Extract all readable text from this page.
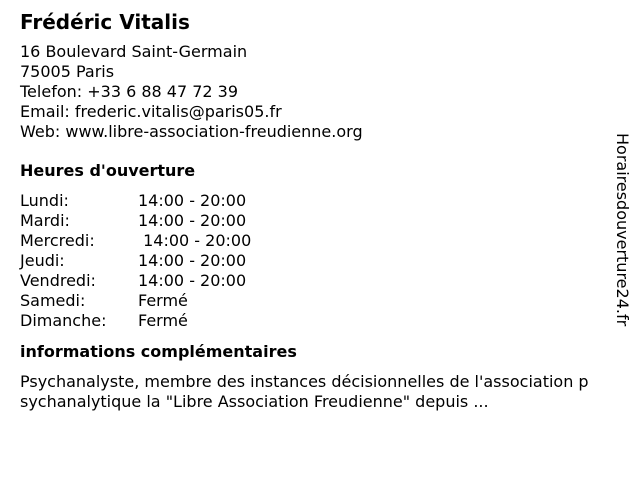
Frédéric Vitalis
16 Boulevard Saint-Germain
75005 Paris
Telefon: +33 6 88 47 72 39
Email: frederic.vitalis@paris05.fr
Web: www.libre-association-freudienne.org
Heures d'ouverture
Lundi:	14:00 - 20:00
Mardi:	14:00 - 20:00
Mercredi:	14:00 - 20:00
Jeudi:	14:00 - 20:00
Vendredi:	14:00 - 20:00
Samedi:	Fermé
Dimanche:	Fermé
informations complémentaires
Psychanalyste, membre des instances décisionnelles de l'association psychanalytique la "Libre Association Freudienne" depuis ...
Horairesdouverture24.fr
